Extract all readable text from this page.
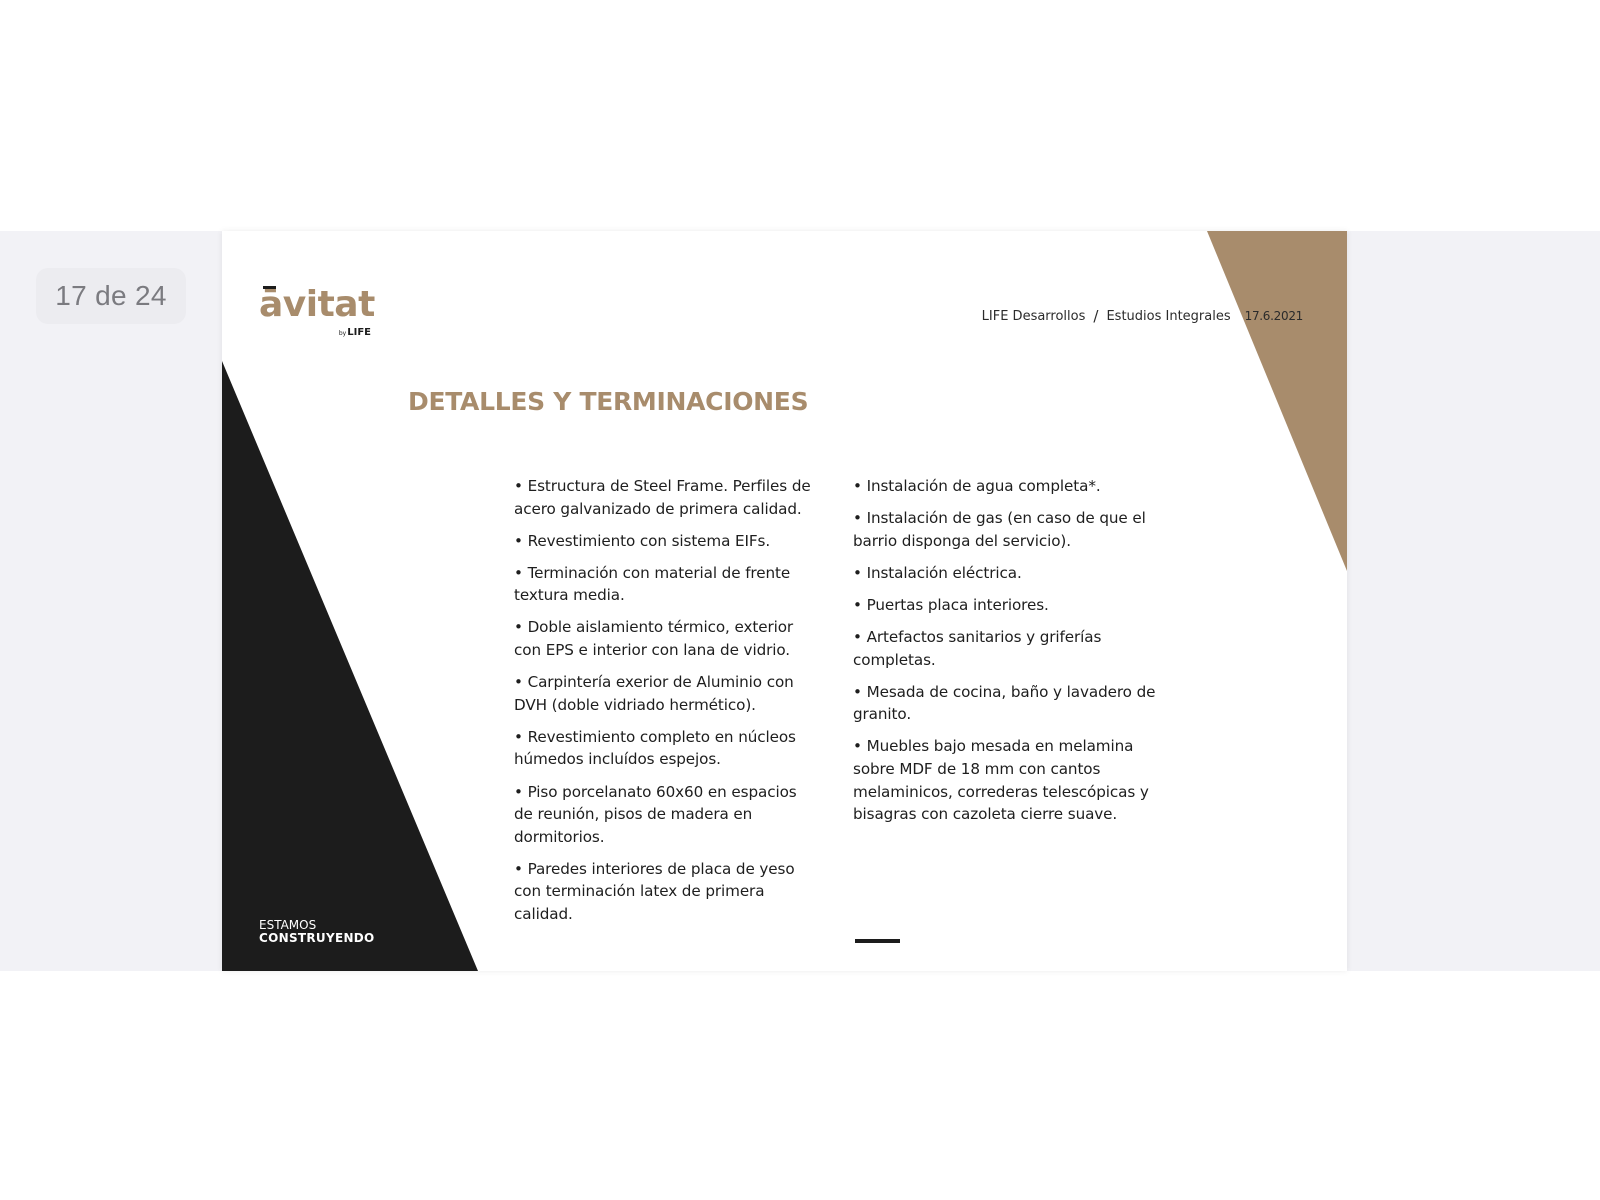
17 de 24	āvitat
byLIFE
LIFE Desarrollos / Estudios Integrales 17.6.2021
DETALLES Y TERMINACIONES
• Estructura de Steel Frame. Perfiles de acero galvanizado de primera calidad.
• Revestimiento con sistema EIFs.
• Terminación con material de frente textura media.
• Doble aislamiento térmico, exterior con EPS e interior con lana de vidrio.
• Carpintería exerior de Aluminio con DVH (doble vidriado hermético).
• Revestimiento completo en núcleos húmedos incluídos espejos.
• Piso porcelanato 60x60 en espacios de reunión, pisos de madera en dormitorios.
• Paredes interiores de placa de yeso con terminación latex de primera calidad.
• Instalación de agua completa*.
• Instalación de gas (en caso de que el barrio disponga del servicio).
• Instalación eléctrica.
• Puertas placa interiores.
• Artefactos sanitarios y griferías completas.
• Mesada de cocina, baño y lavadero de granito.
• Muebles bajo mesada en melamina sobre MDF de 18 mm con cantos melaminicos, correderas telescópicas y bisagras con cazoleta cierre suave.
ESTAMOS
CONSTRUYENDO
